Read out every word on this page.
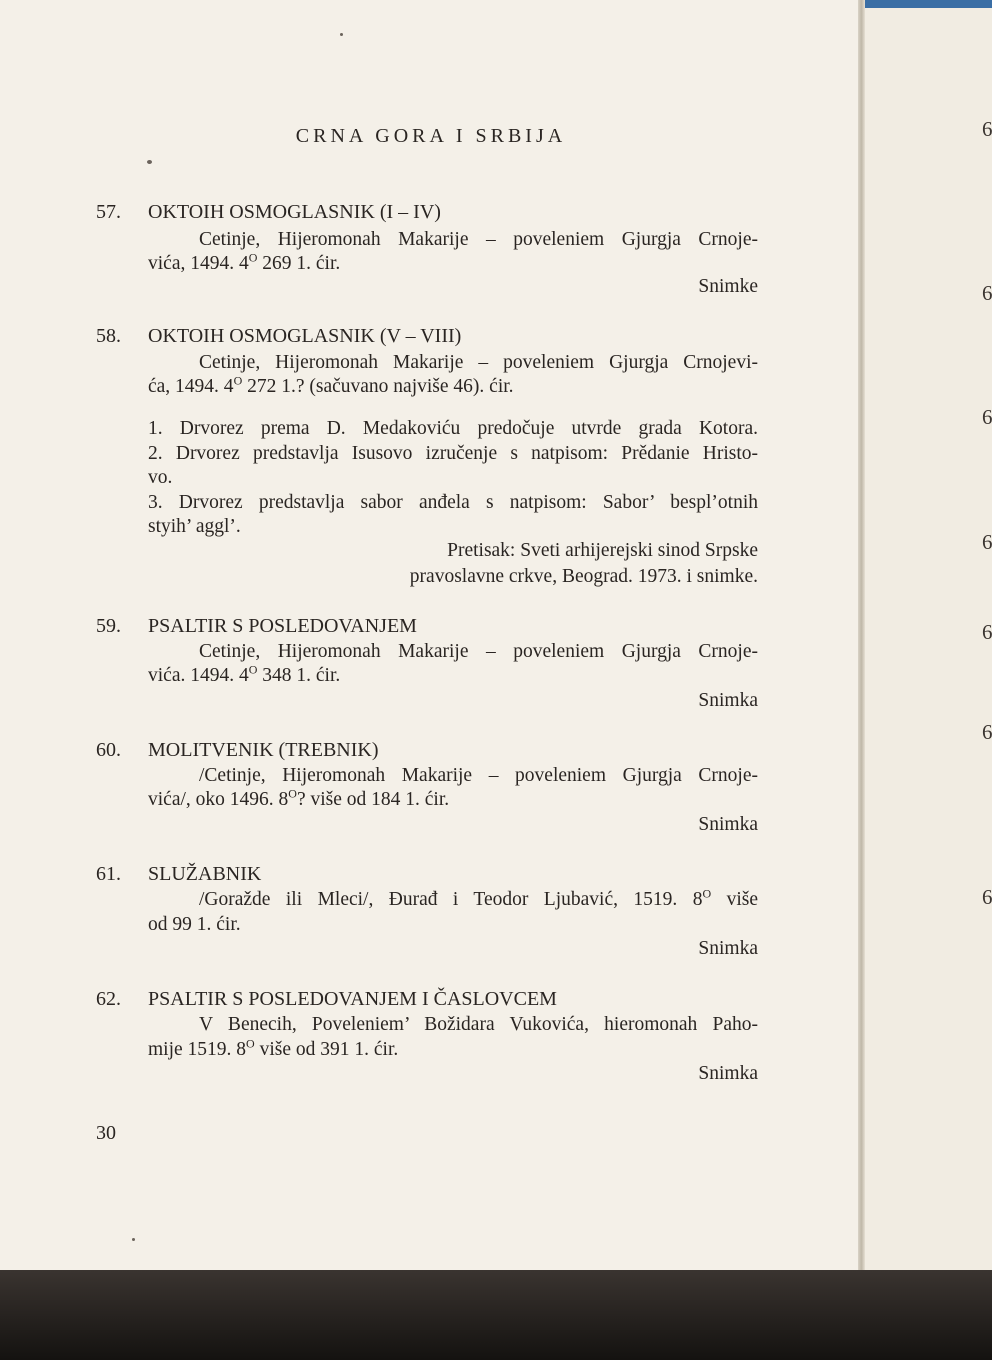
CRNA GORA I SRBIJA
57. OKTOIH OSMOGLASNIK (I – IV)
Cetinje, Hijeromonah Makarije – poveleniem Gjurgja Crnoje-
vića, 1494. $4^O$ 269 1. ćir.
Snimke
58. OKTOIH OSMOGLASNIK (V – VIII)
Cetinje, Hijeromonah Makarije – poveleniem Gjurgja Crnojevi-
ća, 1494. $4^O$ 272 1.? (sačuvano najviše 46). ćir.
1. Drvorez prema D. Medakoviću predočuje utvrde grada Kotora.
2. Drvorez predstavlja Isusovo izručenje s natpisom: Prědanie Hristo-
vo.
3. Drvorez predstavlja sabor anđela s natpisom: Sabor’ bespl’otnih
styih’ aggl’.
Pretisak: Sveti arhijerejski sinod Srpske
pravoslavne crkve, Beograd. 1973. i snimke.
59. PSALTIR S POSLEDOVANJEM
Cetinje, Hijeromonah Makarije – poveleniem Gjurgja Crnoje-
vića. 1494. $4^O$ 348 1. ćir.
Snimka
60. MOLITVENIK (TREBNIK)
/Cetinje, Hijeromonah Makarije – poveleniem Gjurgja Crnoje-
vića/, oko 1496. $8^O$? više od 184 1. ćir.
Snimka
61. SLUŽABNIK
/Goražde ili Mleci/, Đurađ i Teodor Ljubavić, 1519. $8^O$ više
od 99 1. ćir.
Snimka
62. PSALTIR S POSLEDOVANJEM I ČASLOVCEM
V Benecih, Poveleniem’ Božidara Vukovića, hieromonah Paho-
mije 1519. $8^O$ više od 391 1. ćir.
Snimka
30
6
6
6
6
6
6
6
